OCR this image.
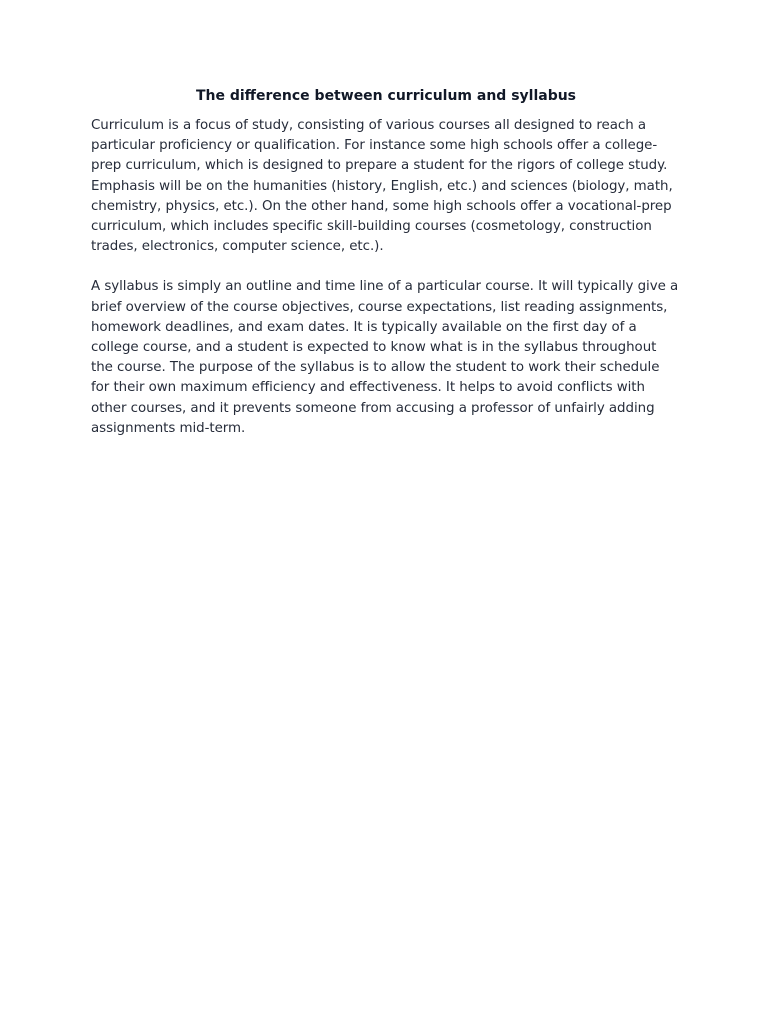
The difference between curriculum and syllabus

Curriculum is a focus of study, consisting of various courses all designed to reach a particular proficiency or qualification. For instance some high schools offer a college-prep curriculum, which is designed to prepare a student for the rigors of college study. Emphasis will be on the humanities (history, English, etc.) and sciences (biology, math, chemistry, physics, etc.). On the other hand, some high schools offer a vocational-prep curriculum, which includes specific skill-building courses (cosmetology, construction trades, electronics, computer science, etc.).

A syllabus is simply an outline and time line of a particular course. It will typically give a brief overview of the course objectives, course expectations, list reading assignments, homework deadlines, and exam dates. It is typically available on the first day of a college course, and a student is expected to know what is in the syllabus throughout the course. The purpose of the syllabus is to allow the student to work their schedule for their own maximum efficiency and effectiveness. It helps to avoid conflicts with other courses, and it prevents someone from accusing a professor of unfairly adding assignments mid-term.
